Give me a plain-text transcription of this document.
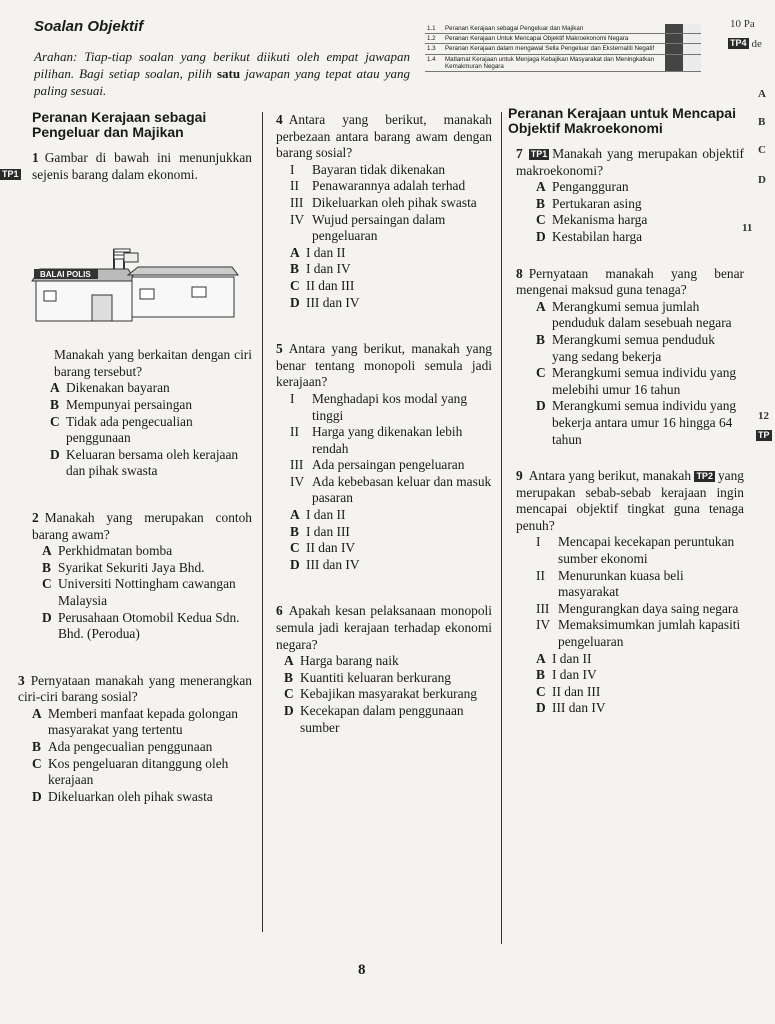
Soalan Objektif
Arahan: Tiap-tiap soalan yang berikut diikuti oleh empat jawapan pilihan. Bagi setiap soalan, pilih satu jawapan yang tepat atau yang paling sesuai.
1.1	Peranan Kerajaan sebagai Pengeluar dan Majikan		
1.2	Peranan Kerajaan Untuk Mencapai Objektif Makroekonomi Negara		
1.3	Peranan Kerajaan dalam mengawal Sella Pengeluar dan Eksternaliti Negatif		
1.4	Matlamat Kerajaan untuk Menjaga Kebajikan Masyarakat dan Meningkatkan Kemakmuran Negara		
10 Pa
TP4 de
A
B
C
D
11
12
TP
Peranan Kerajaan sebagai Pengeluar dan Majikan
1 Gambar di bawah ini menunjukkan sejenis barang dalam ekonomi.
TP1
BALAI POLIS
Manakah yang berkaitan dengan ciri barang tersebut?
A Dikenakan bayaran
B Mempunyai persaingan
C Tidak ada pengecualian penggunaan
D Keluaran bersama oleh kerajaan dan pihak swasta
2 Manakah yang merupakan contoh barang awam?
A Perkhidmatan bomba
B Syarikat Sekuriti Jaya Bhd.
C Universiti Nottingham cawangan Malaysia
D Perusahaan Otomobil Kedua Sdn. Bhd. (Perodua)
3 Pernyataan manakah yang menerangkan ciri-ciri barang sosial?
A Memberi manfaat kepada golongan masyarakat yang tertentu
B Ada pengecualian penggunaan
C Kos pengeluaran ditanggung oleh kerajaan
D Dikeluarkan oleh pihak swasta
4 Antara yang berikut, manakah perbezaan antara barang awam dengan barang sosial?
I	Bayaran tidak dikenakan
II Penawarannya adalah terhad
III Dikeluarkan oleh pihak swasta
IV Wujud persaingan dalam pengeluaran
A I dan II
B I dan IV
C II dan III
D III dan IV
5 Antara yang berikut, manakah yang benar tentang monopoli semula jadi kerajaan?
I	Menghadapi kos modal yang tinggi
II Harga yang dikenakan lebih rendah
III Ada persaingan pengeluaran
IV Ada kebebasan keluar dan masuk pasaran
A I dan II
B I dan III
C II dan IV
D III dan IV
6 Apakah kesan pelaksanaan monopoli semula jadi kerajaan terhadap ekonomi negara?
A Harga barang naik
B Kuantiti keluaran berkurang
C Kebajikan masyarakat berkurang
D Kecekapan dalam penggunaan sumber
Peranan Kerajaan untuk Mencapai Objektif Makroekonomi
7 TP1 Manakah yang merupakan objektif makroekonomi?
A Pengangguran
B Pertukaran asing
C Mekanisma harga
D Kestabilan harga
8 Pernyataan manakah yang benar mengenai maksud guna tenaga?
A Merangkumi semua jumlah penduduk dalam sesebuah negara
B Merangkumi semua penduduk yang sedang bekerja
C Merangkumi semua individu yang melebihi umur 16 tahun
D Merangkumi semua individu yang bekerja antara umur 16 hingga 64 tahun
9 Antara yang berikut, manakah TP2 yang merupakan sebab-sebab kerajaan ingin mencapai objektif tingkat guna tenaga penuh?
I	Mencapai kecekapan peruntukan sumber ekonomi
II Menurunkan kuasa beli masyarakat
III Mengurangkan daya saing negara
IV Memaksimumkan jumlah kapasiti pengeluaran
A I dan II
B I dan IV
C II dan III
D III dan IV
8
